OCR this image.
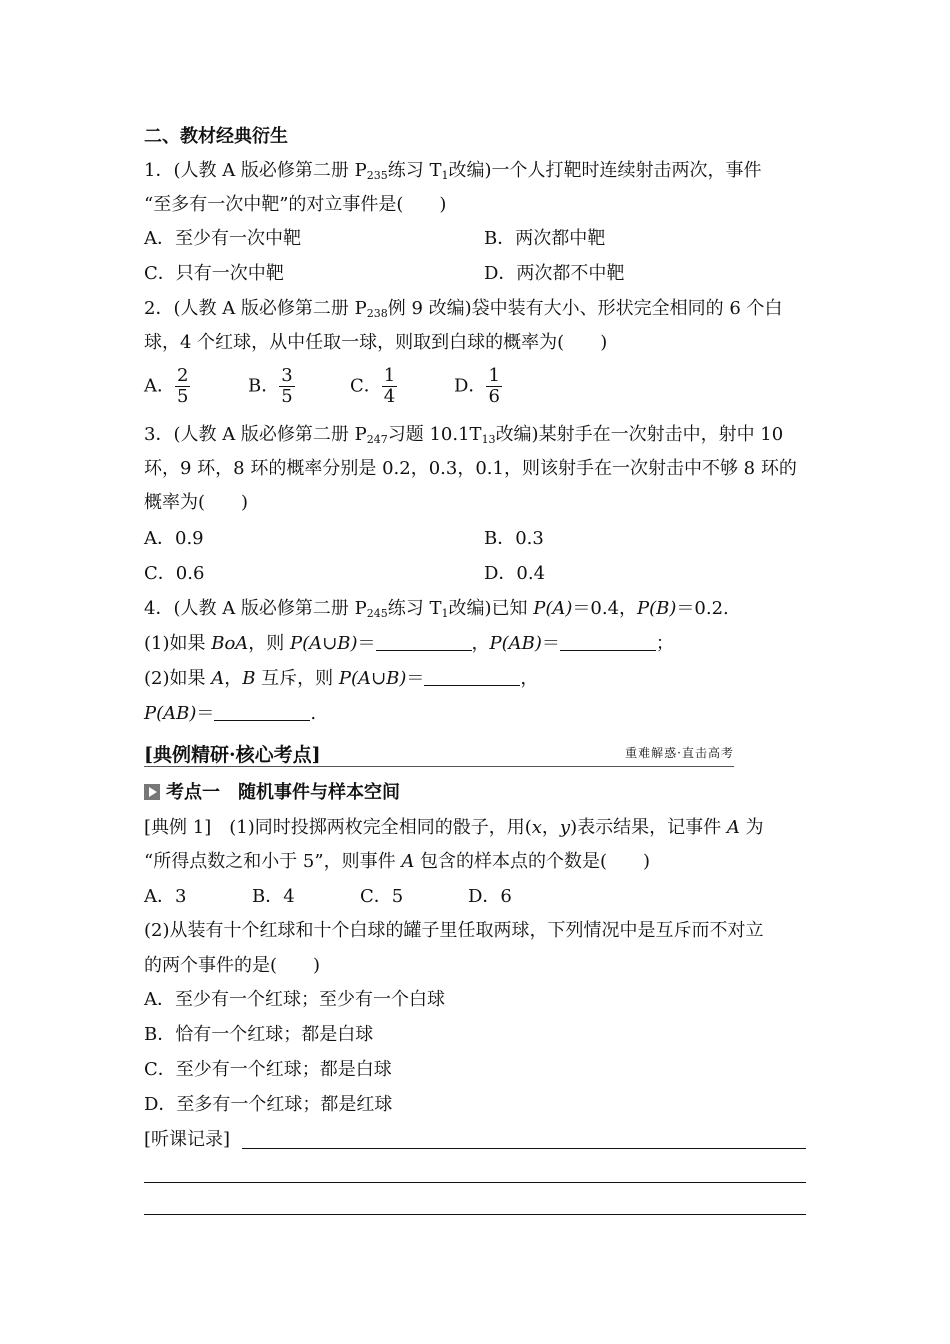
二、教材经典衍生
1．(人教 A 版必修第二册 $P_{235}$练习 $T_1$改编)一个人打靶时连续射击两次，事件
“至多有一次中靶”的对立事件是(　　)
A．至少有一次中靶	B．两次都中靶
C．只有一次中靶	D．两次都不中靶
2．(人教 A 版必修第二册 $P_{238}$例 9 改编)袋中装有大小、形状完全相同的 6 个白
球，4 个红球，从中任取一球，则取到白球的概率为(　　)
A． $\frac{2}{5}$	B． $\frac{3}{5}$	C． $\frac{1}{4}$	D． $\frac{1}{6}$
3．(人教 A 版必修第二册 $P_{247}$习题 $10.1T_{13}$改编)某射手在一次射击中，射中 10
环，9 环，8 环的概率分别是 0.2，0.3，0.1，则该射手在一次射击中不够 8 环的
概率为(　　)
A．0.9	B．0.3
C．0.6	D．0.4
4．(人教 A 版必修第二册 $P_{245}$练习 $T_1$改编)已知 P(A)＝0.4，P(B)＝0.2.
(1)如果 BoA，则 P(A∪B)＝	，P(AB)＝	；
(2)如果 A，B 互斥，则 P(A∪B)＝	，
P(AB)＝	.
[典例精研·核心考点]	重难解惑·直击高考
考点一　 随机事件与样本空间
[典例 1]　(1)同时投掷两枚完全相同的骰子，用(x，y)表示结果，记事件 A 为
“所得点数之和小于 5”，则事件 A 包含的样本点的个数是(　　)
A．3	B．4	C．5	D．6
(2)从装有十个红球和十个白球的罐子里任取两球，下列情况中是互斥而不对立
的两个事件的是(　　)
A．至少有一个红球；至少有一个白球
B．恰有一个红球；都是白球
C．至少有一个红球；都是白球
D．至多有一个红球；都是红球
[听课记录]
